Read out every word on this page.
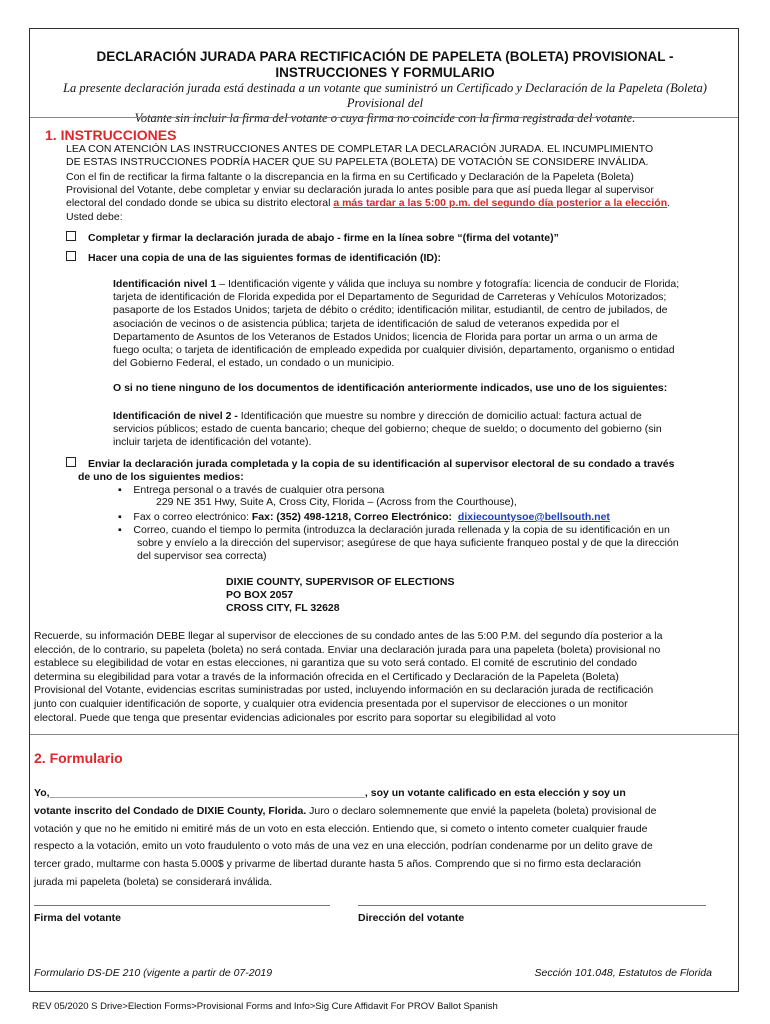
DECLARACIÓN JURADA PARA RECTIFICACIÓN DE PAPELETA (BOLETA) PROVISIONAL -
INSTRUCCIONES Y FORMULARIO
La presente declaración jurada está destinada a un votante que suministró un Certificado y Declaración de la Papeleta (Boleta) Provisional del
Votante sin incluir la firma del votante o cuya firma no coincide con la firma registrada del votante.
1. INSTRUCCIONES
LEA CON ATENCIÓN LAS INSTRUCCIONES ANTES DE COMPLETAR LA DECLARACIÓN JURADA. EL INCUMPLIMIENTO
DE ESTAS INSTRUCCIONES PODRÍA HACER QUE SU PAPELETA (BOLETA) DE VOTACIÓN SE CONSIDERE INVÁLIDA.
Con el fin de rectificar la firma faltante o la discrepancia en la firma en su Certificado y Declaración de la Papeleta (Boleta)
Provisional del Votante, debe completar y enviar su declaración jurada lo antes posible para que así pueda llegar al supervisor
electoral del condado donde se ubica su distrito electoral a más tardar a las 5:00 p.m. del segundo día posterior a la elección.
Usted debe:
Completar y firmar la declaración jurada de abajo - firme en la línea sobre “(firma del votante)”
Hacer una copia de una de las siguientes formas de identificación (ID):
Identificación nivel 1 – Identificación vigente y válida que incluya su nombre y fotografía: licencia de conducir de Florida;
tarjeta de identificación de Florida expedida por el Departamento de Seguridad de Carreteras y Vehículos Motorizados;
pasaporte de los Estados Unidos; tarjeta de débito o crédito; identificación militar, estudiantil, de centro de jubilados, de
asociación de vecinos o de asistencia pública; tarjeta de identificación de salud de veteranos expedida por el
Departamento de Asuntos de los Veteranos de Estados Unidos; licencia de Florida para portar un arma o un arma de
fuego oculta; o tarjeta de identificación de empleado expedida por cualquier división, departamento, organismo o entidad
del Gobierno Federal, el estado, un condado o un municipio.
O si no tiene ninguno de los documentos de identificación anteriormente indicados, use uno de los siguientes:
Identificación de nivel 2 - Identificación que muestre su nombre y dirección de domicilio actual: factura actual de
servicios públicos; estado de cuenta bancario; cheque del gobierno; cheque de sueldo; o documento del gobierno (sin
incluir tarjeta de identificación del votante).
Enviar la declaración jurada completada y la copia de su identificación al supervisor electoral de su condado a través
de uno de los siguientes medios:
▪ Entrega personal o a través de cualquier otra persona
229 NE 351 Hwy, Suite A, Cross City, Florida – (Across from the Courthouse),
▪ Fax o correo electrónico: Fax: (352) 498-1218, Correo Electrónico: dixiecountysoe@bellsouth.net
▪ Correo, cuando el tiempo lo permita (introduzca la declaración jurada rellenada y la copia de su identificación en un
sobre y envíelo a la dirección del supervisor; asegúrese de que haya suficiente franqueo postal y de que la dirección
del supervisor sea correcta)
DIXIE COUNTY, SUPERVISOR OF ELECTIONS
PO BOX 2057
CROSS CITY, FL 32628
Recuerde, su información DEBE llegar al supervisor de elecciones de su condado antes de las 5:00 P.M. del segundo día posterior a la
elección, de lo contrario, su papeleta (boleta) no será contada. Enviar una declaración jurada para una papeleta (boleta) provisional no
establece su elegibilidad de votar en estas elecciones, ni garantiza que su voto será contado. El comité de escrutinio del condado
determina su elegibilidad para votar a través de la información ofrecida en el Certificado y Declaración de la Papeleta (Boleta)
Provisional del Votante, evidencias escritas suministradas por usted, incluyendo información en su declaración jurada de rectificación
junto con cualquier identificación de soporte, y cualquier otra evidencia presentada por el supervisor de elecciones o un monitor
electoral. Puede que tenga que presentar evidencias adicionales por escrito para soportar su elegibilidad al voto
2. Formulario
Yo,______________________________________________________, soy un votante calificado en esta elección y soy un
votante inscrito del Condado de DIXIE County, Florida. Juro o declaro solemnemente que envié la papeleta (boleta) provisional de
votación y que no he emitido ni emitiré más de un voto en esta elección. Entiendo que, si cometo o intento cometer cualquier fraude
respecto a la votación, emito un voto fraudulento o voto más de una vez en una elección, podrían condenarme por un delito grave de
tercer grado, multarme con hasta 5.000$ y privarme de libertad durante hasta 5 años. Comprendo que si no firmo esta declaración
jurada mi papeleta (boleta) se considerará inválida.
Firma del votante	Dirección del votante
Formulario DS-DE 210 (vigente a partir de 07-2019	Sección 101.048, Estatutos de Florida
REV 05/2020 S Drive>Election Forms>Provisional Forms and Info>Sig Cure Affidavit For PROV Ballot Spanish
